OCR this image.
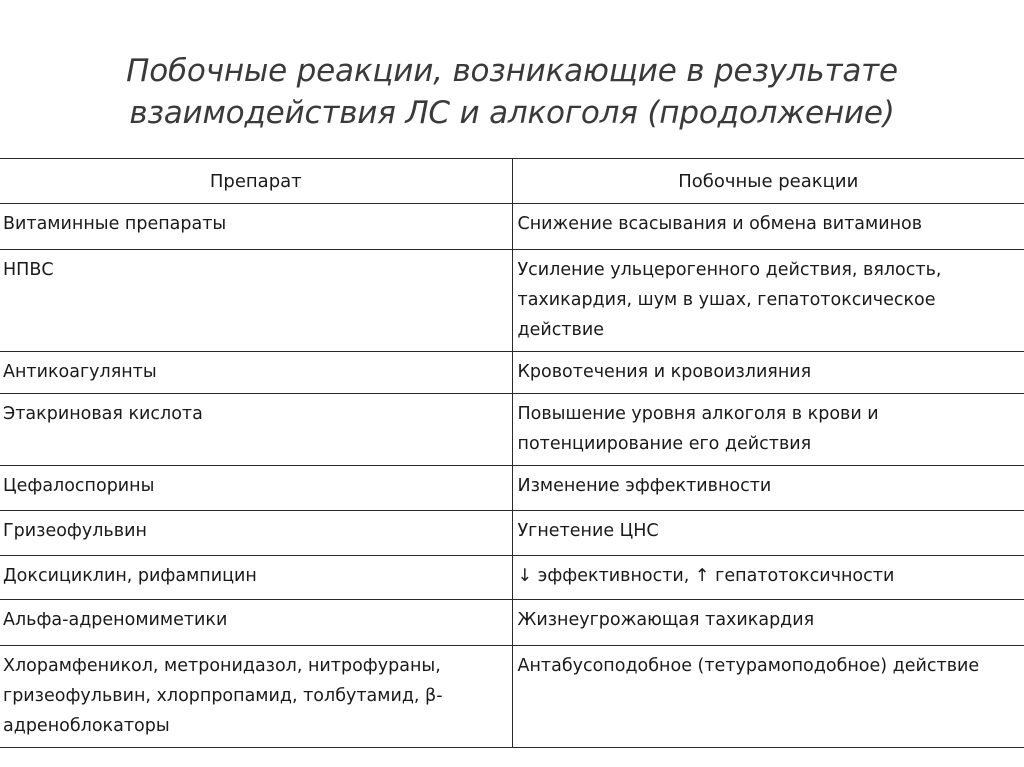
Побочные реакции, возникающие в результате
взаимодействия ЛС и алкоголя (продолжение)
Препарат	Побочные реакции
Витаминные препараты	Снижение всасывания и обмена витаминов
НПВС	Усиление ульцерогенного действия, вялость, тахикардия, шум в ушах, гепатотоксическое действие
Антикоагулянты	Кровотечения и кровоизлияния
Этакриновая кислота	Повышение уровня алкоголя в крови и потенциирование его действия
Цефалоспорины	Изменение эффективности
Гризеофульвин	Угнетение ЦНС
Доксициклин, рифампицин	↓ эффективности, ↑ гепатотоксичности
Альфа-адреномиметики	Жизнеугрожающая тахикардия
Хлорамфеникол, метронидазол, нитрофураны, гризеофульвин, хлорпропамид, толбутамид, β-адреноблокаторы	Антабусоподобное (тетурамоподобное) действие
